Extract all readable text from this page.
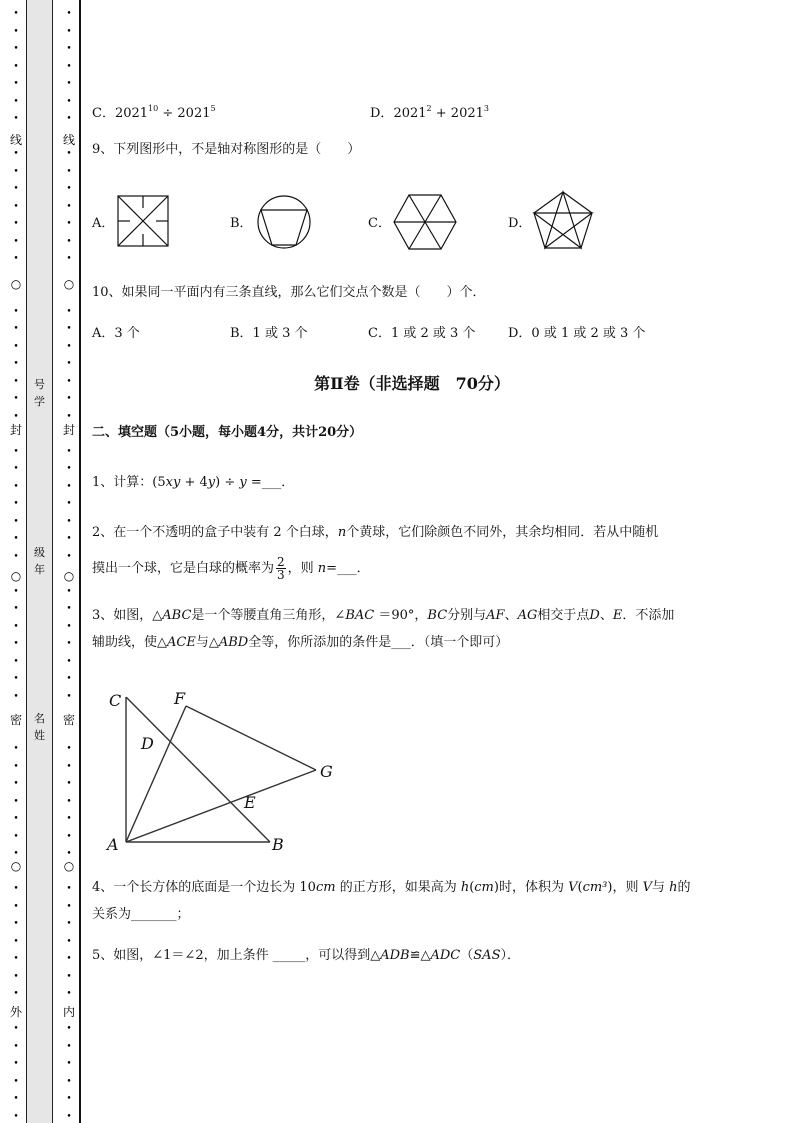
•
•
•
•
•
•
•
•
•
•
•
•
•
•
•
•
•
•
•
•
•
•
•
•
•
•
•
•
•
•
•
•
•
•
•
•
•
•
•
•
•
•
•
•
•
•
•
•
•
•
•
•
•
•
•
线
○
封
○
密
○
外
号
学
级
年
名
姓
•
•
•
•
•
•
•
•
•
•
•
•
•
•
•
•
•
•
•
•
•
•
•
•
•
•
•
•
•
•
•
•
•
•
•
•
•
•
•
•
•
•
•
•
•
•
•
•
•
•
•
•
•
•
•
线
○
封
○
密
○
内
C．$2021^{10} \div 2021^5$	D．$2021^2 + 2021^3$
9、下列图形中，不是轴对称图形的是（　　）
A．	B．	C．	D．
10、如果同一平面内有三条直线，那么它们交点个数是（　　）个．
A．3 个	B．1 或 3 个	C．1 或 2 或 3 个	D．0 或 1 或 2 或 3 个
第Ⅱ卷（非选择题　70分）
二、填空题（5小题，每小题4分，共计20分）
1、计算：(5xy + 4y) ÷ y =___．
2、在一个不透明的盒子中装有 2 个白球，n个黄球，它们除颜色不同外，其余均相同．若从中随机
摸出一个球，它是白球的概率为 $\frac{2}{3}$ ，则 n=___．
3、如图，△ABC是一个等腰直角三角形，∠BAC ＝90°，BC分别与AF、AG相交于点D、E．不添加
辅助线，使△ACE与△ABD全等，你所添加的条件是___．（填一个即可）
C	F
D
G
E
A	B
4、一个长方体的底面是一个边长为 10cm 的正方形，如果高为 h(cm)时，体积为 V(cm³)，则 V与 h的
关系为_______；
5、如图，∠1＝∠2，加上条件 _____，可以得到△ADB≌△ADC（SAS）．
